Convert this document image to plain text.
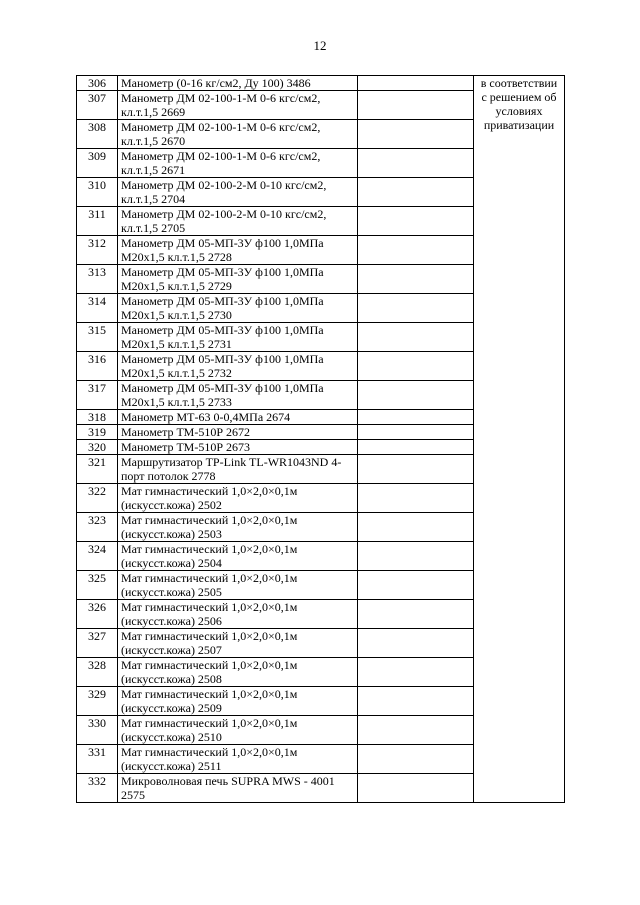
12
306	Манометр (0-16 кг/см2, Ду 100) 3486		в соответствии с решением об условиях приватизации
307	Манометр ДМ 02-100-1-М 0-6 кгс/см2, кл.т.1,5 2669		
308	Манометр ДМ 02-100-1-М 0-6 кгс/см2, кл.т.1,5 2670		
309	Манометр ДМ 02-100-1-М 0-6 кгс/см2, кл.т.1,5 2671		
310	Манометр ДМ 02-100-2-М 0-10 кгс/см2, кл.т.1,5 2704		
311	Манометр ДМ 02-100-2-М 0-10 кгс/см2, кл.т.1,5 2705		
312	Манометр ДМ 05-МП-3У ф100 1,0МПа М20х1,5 кл.т.1,5 2728		
313	Манометр ДМ 05-МП-3У ф100 1,0МПа М20х1,5 кл.т.1,5 2729		
314	Манометр ДМ 05-МП-3У ф100 1,0МПа М20х1,5 кл.т.1,5 2730		
315	Манометр ДМ 05-МП-3У ф100 1,0МПа М20х1,5 кл.т.1,5 2731		
316	Манометр ДМ 05-МП-3У ф100 1,0МПа М20х1,5 кл.т.1,5 2732		
317	Манометр ДМ 05-МП-3У ф100 1,0МПа М20х1,5 кл.т.1,5 2733		
318	Манометр МТ-63 0-0,4МПа 2674		
319	Манометр ТМ-510Р 2672		
320	Манометр ТМ-510Р 2673		
321	Маршрутизатор TP-Link TL-WR1043ND 4-порт потолок 2778		
322	Мат гимнастический 1,0×2,0×0,1м (искусст.кожа) 2502		
323	Мат гимнастический 1,0×2,0×0,1м (искусст.кожа) 2503		
324	Мат гимнастический 1,0×2,0×0,1м (искусст.кожа) 2504		
325	Мат гимнастический 1,0×2,0×0,1м (искусст.кожа) 2505		
326	Мат гимнастический 1,0×2,0×0,1м (искусст.кожа) 2506		
327	Мат гимнастический 1,0×2,0×0,1м (искусст.кожа) 2507		
328	Мат гимнастический 1,0×2,0×0,1м (искусст.кожа) 2508		
329	Мат гимнастический 1,0×2,0×0,1м (искусст.кожа) 2509		
330	Мат гимнастический 1,0×2,0×0,1м (искусст.кожа) 2510		
331	Мат гимнастический 1,0×2,0×0,1м (искусст.кожа) 2511		
332	Микроволновая печь SUPRA MWS - 4001 2575		
